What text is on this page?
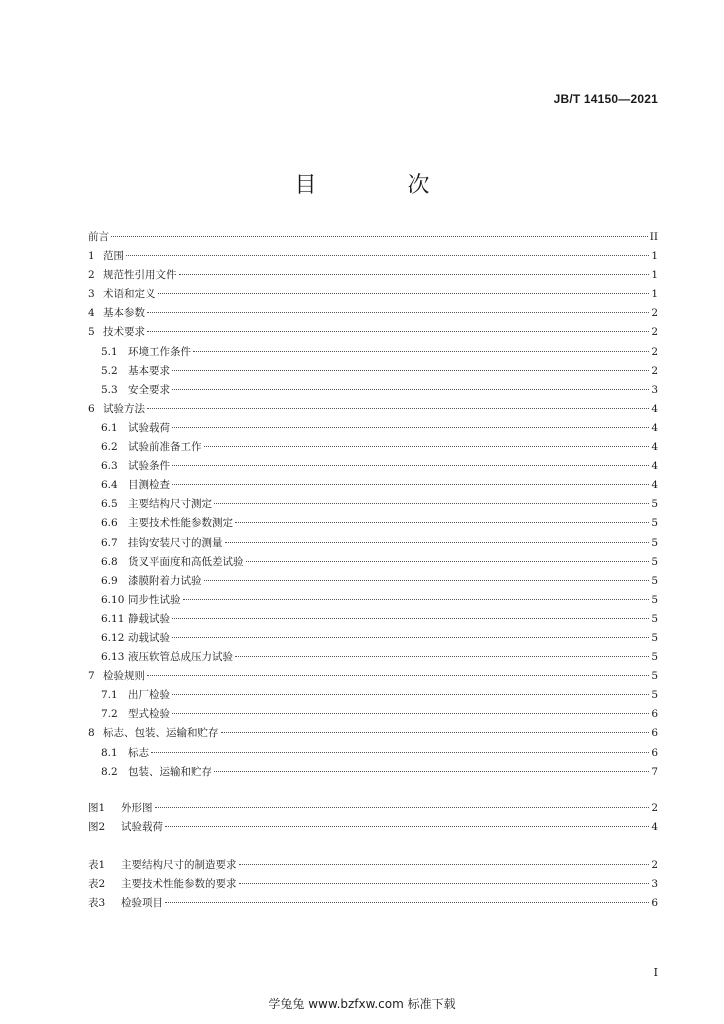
JB/T 14150—2021
目 次
前言	II
1 范围	1
2 规范性引用文件	1
3 术语和定义	1
4 基本参数	2
5 技术要求	2
5.1 环境工作条件	2
5.2 基本要求	2
5.3 安全要求	3
6 试验方法	4
6.1 试验载荷	4
6.2 试验前准备工作	4
6.3 试验条件	4
6.4 目测检查	4
6.5 主要结构尺寸测定	5
6.6 主要技术性能参数测定	5
6.7 挂钩安装尺寸的测量	5
6.8 货叉平面度和高低差试验	5
6.9 漆膜附着力试验	5
6.10 同步性试验	5
6.11 静载试验	5
6.12 动载试验	5
6.13 液压软管总成压力试验	5
7 检验规则	5
7.1 出厂检验	5
7.2 型式检验	6
8 标志、包装、运输和贮存	6
8.1 标志	6
8.2 包装、运输和贮存	7
图1	外形图	2
图2	试验载荷	4
表1	主要结构尺寸的制造要求	2
表2	主要技术性能参数的要求	3
表3	检验项目	6
I
学兔兔 www.bzfxw.com 标准下载
